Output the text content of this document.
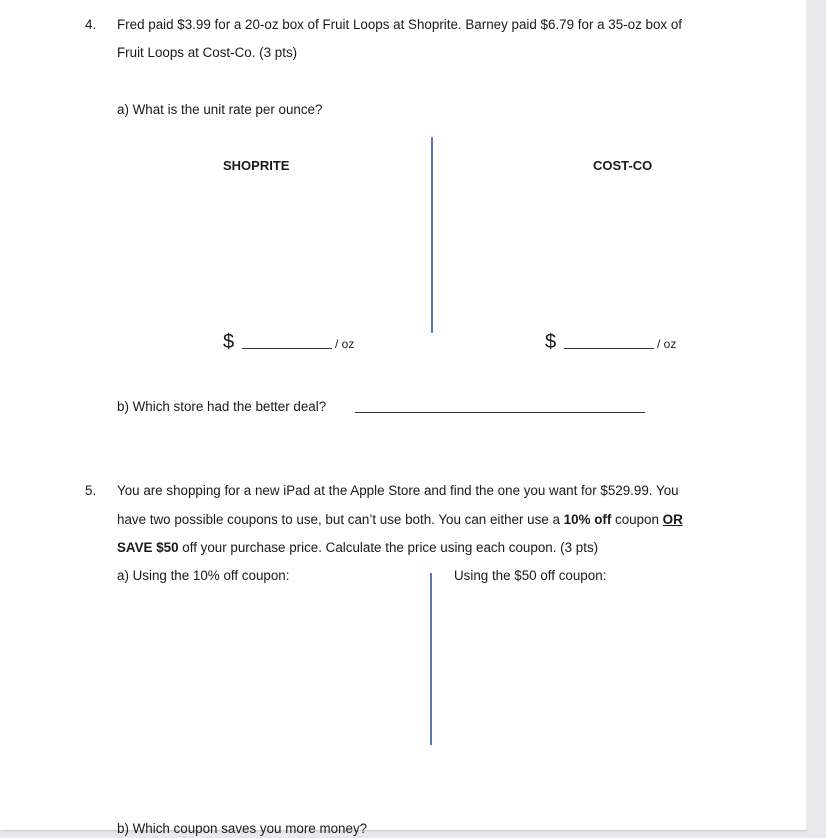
4. Fred paid $3.99 for a 20-oz box of Fruit Loops at Shoprite. Barney paid $6.79 for a 35-oz box of
Fruit Loops at Cost-Co. (3 pts)
a) What is the unit rate per ounce?
SHOPRITE	COST-CO
$	/ oz	$	/ oz
b) Which store had the better deal?
5. You are shopping for a new iPad at the Apple Store and find the one you want for $529.99. You
have two possible coupons to use, but can’t use both. You can either use a 10% off coupon OR
SAVE $50 off your purchase price. Calculate the price using each coupon. (3 pts)
a) Using the 10% off coupon:	Using the $50 off coupon:
b) Which coupon saves you more money?
